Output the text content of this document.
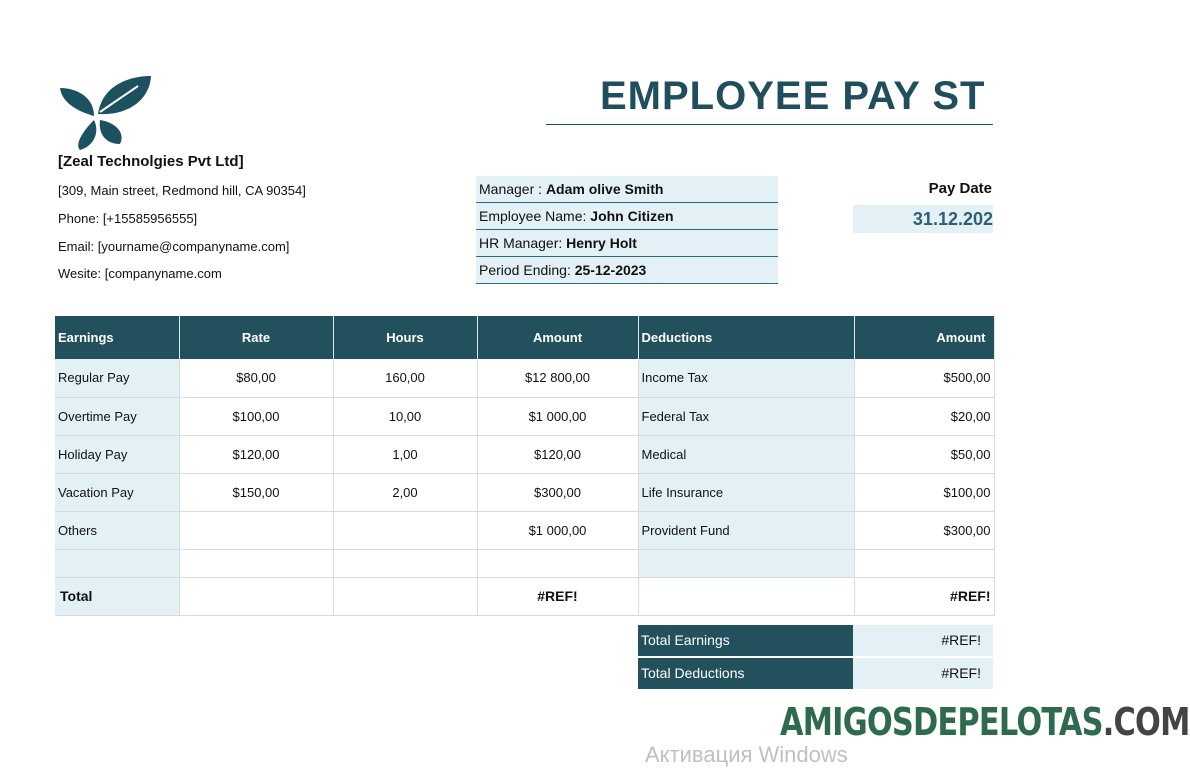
EMPLOYEE PAY ST
[Zeal Technolgies Pvt Ltd]
[309, Main street, Redmond hill, CA 90354]
Phone: [+15585956555]
Email: [yourname@companyname.com]
Wesite: [companyname.com
Manager : Adam olive Smith
Employee Name: John Citizen
HR Manager: Henry Holt
Period Ending: 25-12-2023
Pay Date
31.12.202
Earnings	Rate	Hours	Amount	Deductions	Amount
Regular Pay	$80,00	160,00	$12 800,00	Income Tax	$500,00
Overtime Pay	$100,00	10,00	$1 000,00	Federal Tax	$20,00
Holiday Pay	$120,00	1,00	$120,00	Medical	$50,00
Vacation Pay	$150,00	2,00	$300,00	Life Insurance	$100,00
Others			$1 000,00	Provident Fund	$300,00

Total			#REF!		#REF!
Total Earnings	#REF!
Total Deductions	#REF!
AMIGOSDEPELOTAS.COM
Активация Windows
